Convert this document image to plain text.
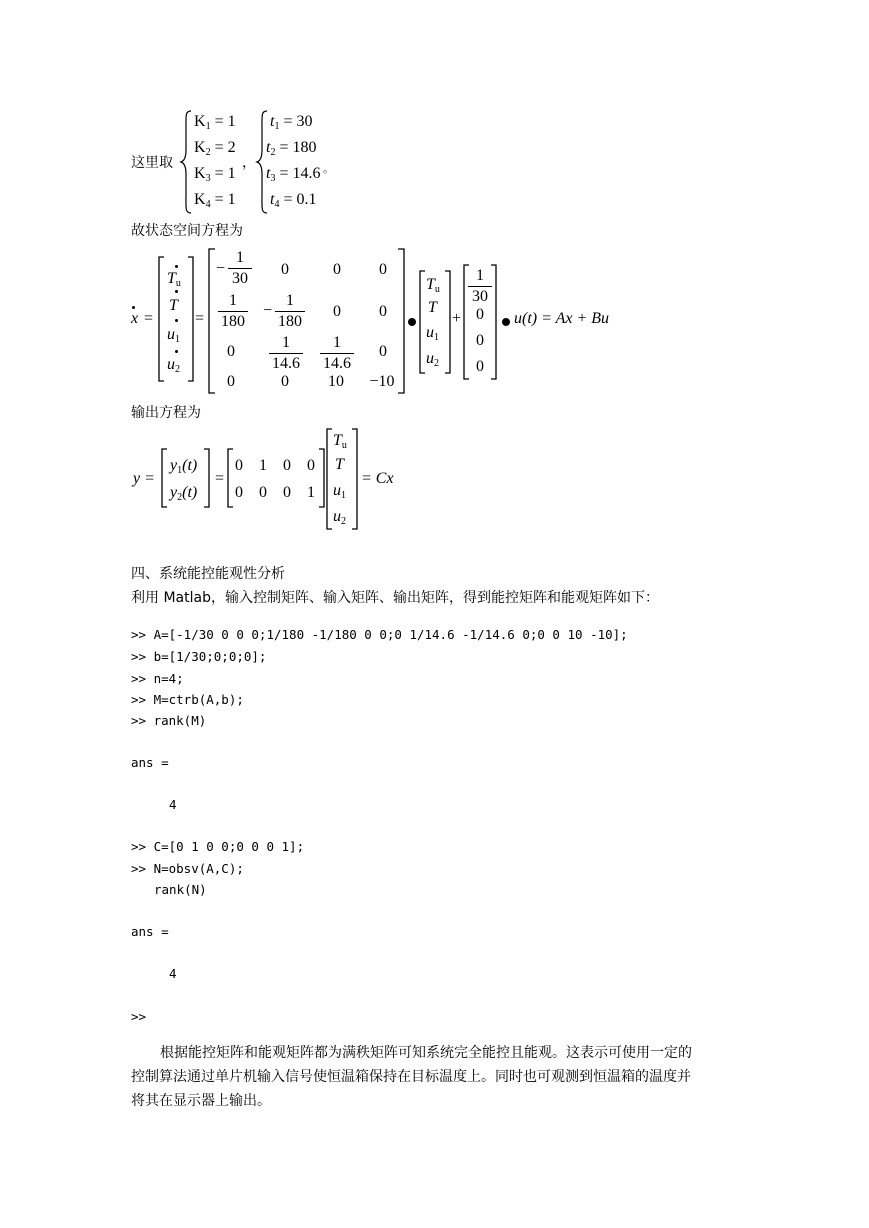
这里取
$K_1 = 1$
$K_2 = 2$
$K_3 = 1$
$K_4 = 1$
，
$t_1 = 30$
$t_2 = 180$
$t_3 = 14.6$
$t_4 = 0.1$
。
故状态空间方程为
x =
$T_u$
T
$u_1$
$u_2$
=
−
1
30
0	0 0
1
180
−
1
180
0 0
0
1
14.6
1
14.6
0
0	0 10 −10
$T_u$
T
$u_1$
$u_2$
+
1
30
0
0
0
u(t) = Ax + Bu
输出方程为
y =
$y_1(t)$
$y_2(t)$
=
0 1 0 0
0 0 0 1
$T_u$
T
$u_1$
$u_2$
= Cx
四、系统能控能观性分析
利用 Matlab，输入控制矩阵、输入矩阵、输出矩阵，得到能控矩阵和能观矩阵如下：
>> A=[-1/30 0 0 0;1/180 -1/180 0 0;0 1/14.6 -1/14.6 0;0 0 10 -10];
>> b=[1/30;0;0;0];
>> n=4;
>> M=ctrb(A,b);
>> rank(M)
ans =
4
>> C=[0 1 0 0;0 0 0 1];
>> N=obsv(A,C);
rank(N)
ans =
4
>>
根据能控矩阵和能观矩阵都为满秩矩阵可知系统完全能控且能观。这表示可使用一定的
控制算法通过单片机输入信号使恒温箱保持在目标温度上。同时也可观测到恒温箱的温度并
将其在显示器上输出。
